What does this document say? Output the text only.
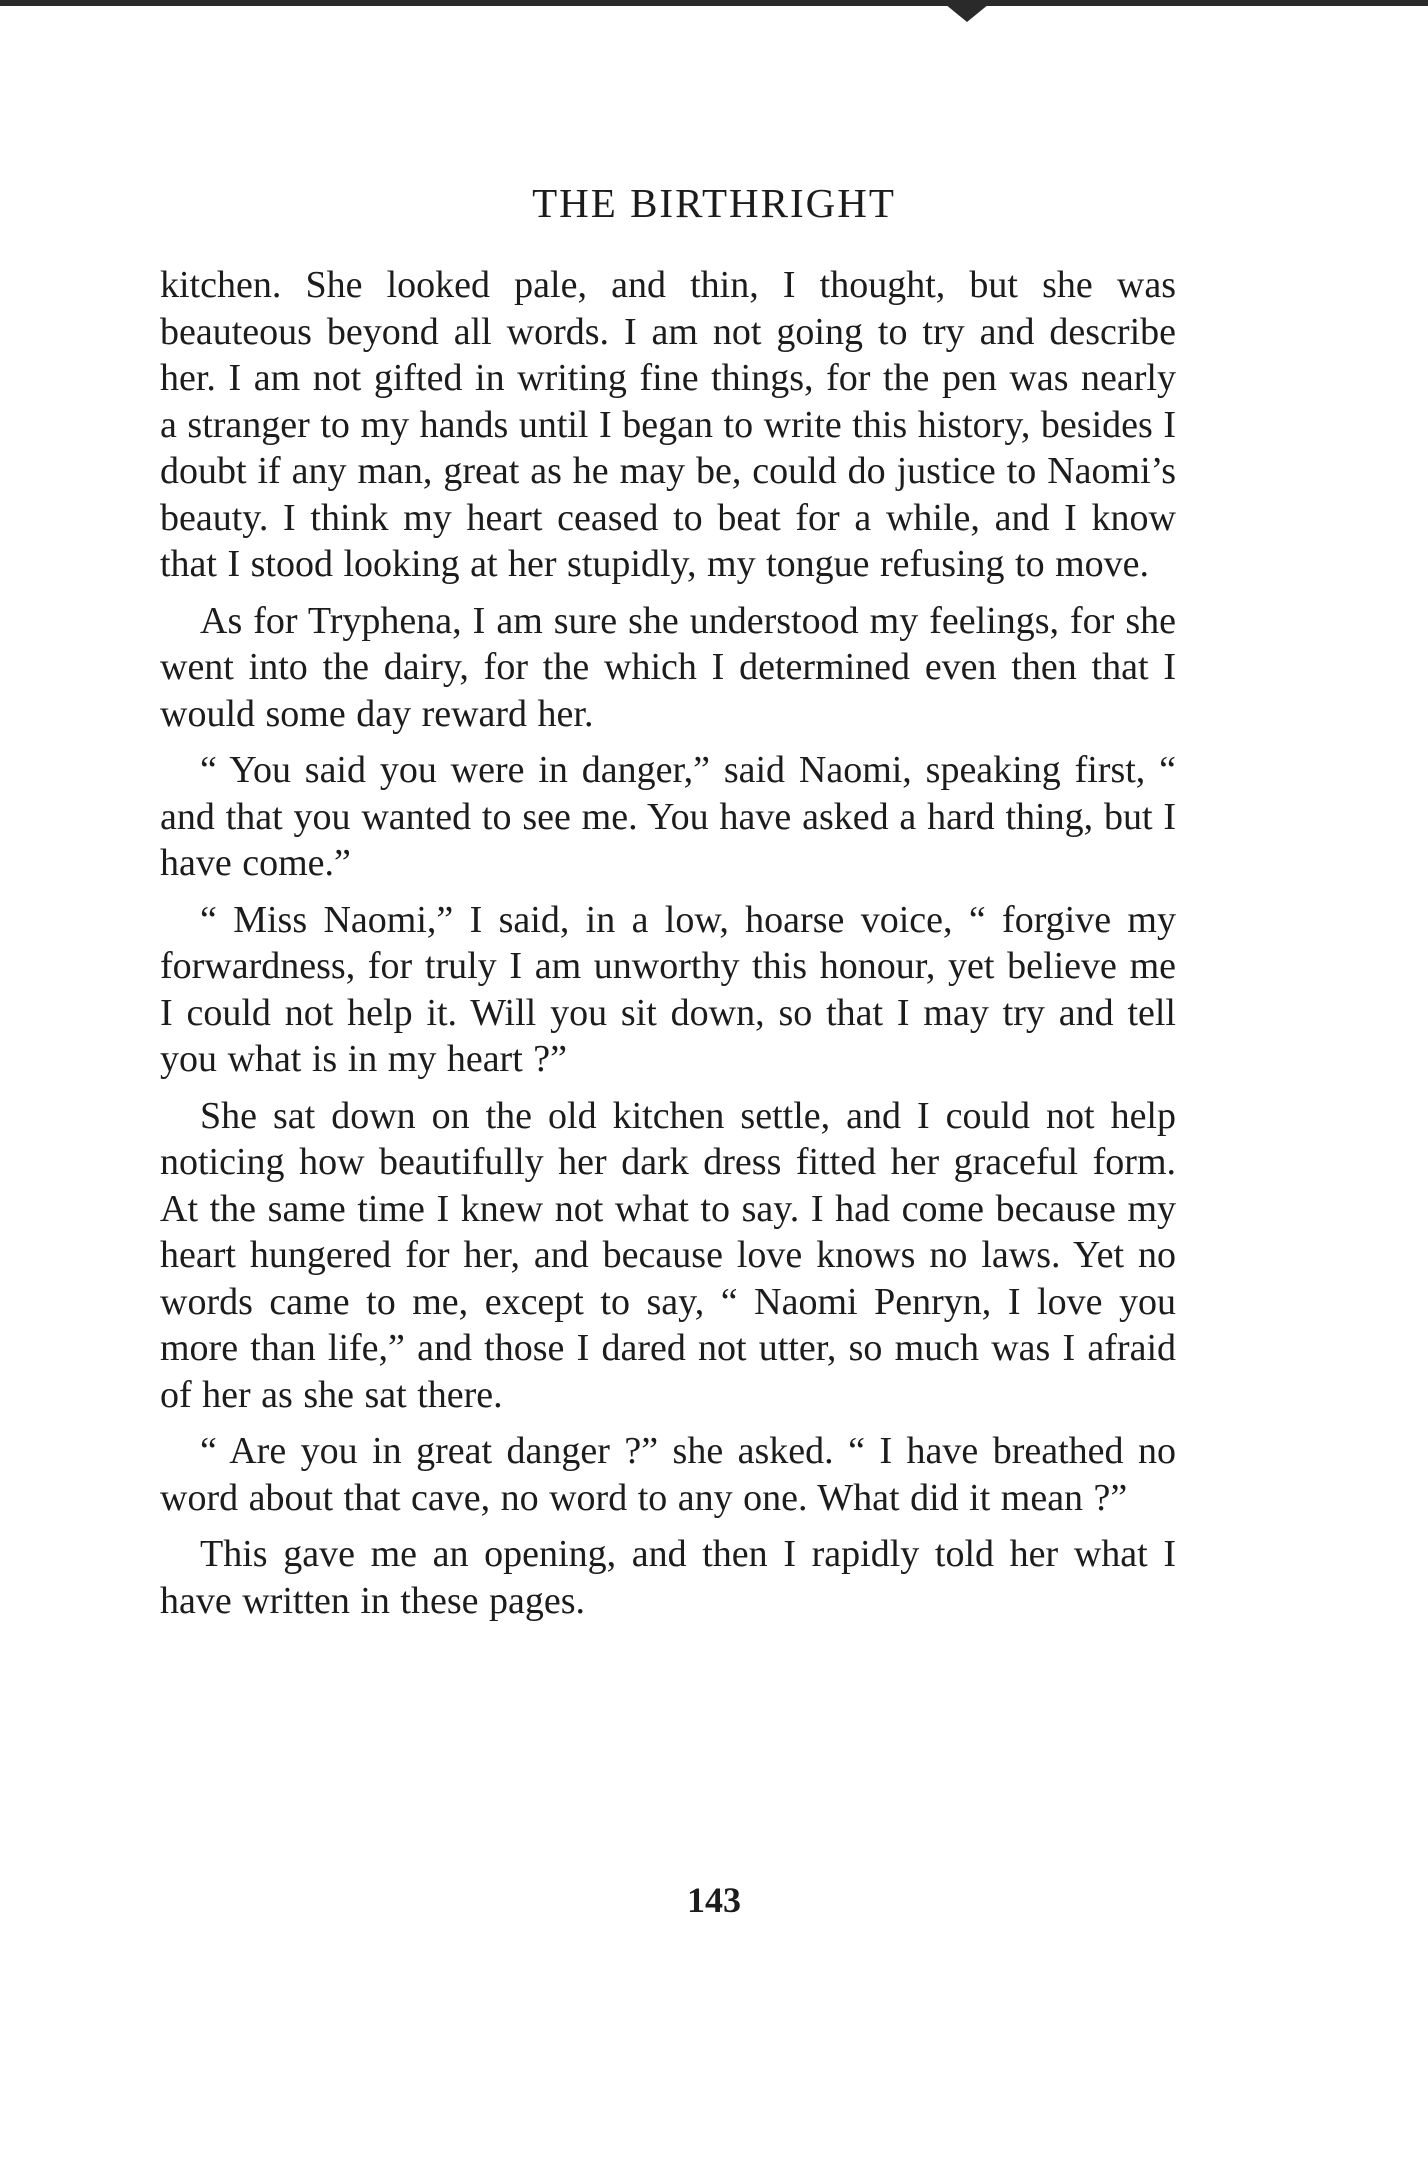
THE BIRTHRIGHT

kitchen. She looked pale, and thin, I thought, but she was beauteous beyond all words. I am not going to try and describe her. I am not gifted in writing fine things, for the pen was nearly a stranger to my hands until I began to write this history, besides I doubt if any man, great as he may be, could do justice to Naomi’s beauty. I think my heart ceased to beat for a while, and I know that I stood looking at her stupidly, my tongue refusing to move.

As for Tryphena, I am sure she understood my feelings, for she went into the dairy, for the which I determined even then that I would some day reward her.

“ You said you were in danger,” said Naomi, speaking first, “ and that you wanted to see me. You have asked a hard thing, but I have come.”

“ Miss Naomi,” I said, in a low, hoarse voice, “ forgive my forwardness, for truly I am unworthy this honour, yet believe me I could not help it. Will you sit down, so that I may try and tell you what is in my heart ?”

She sat down on the old kitchen settle, and I could not help noticing how beautifully her dark dress fitted her graceful form. At the same time I knew not what to say. I had come because my heart hungered for her, and because love knows no laws. Yet no words came to me, except to say, “ Naomi Penryn, I love you more than life,” and those I dared not utter, so much was I afraid of her as she sat there.

“ Are you in great danger ?” she asked. “ I have breathed no word about that cave, no word to any one. What did it mean ?”

This gave me an opening, and then I rapidly told her what I have written in these pages.

143
